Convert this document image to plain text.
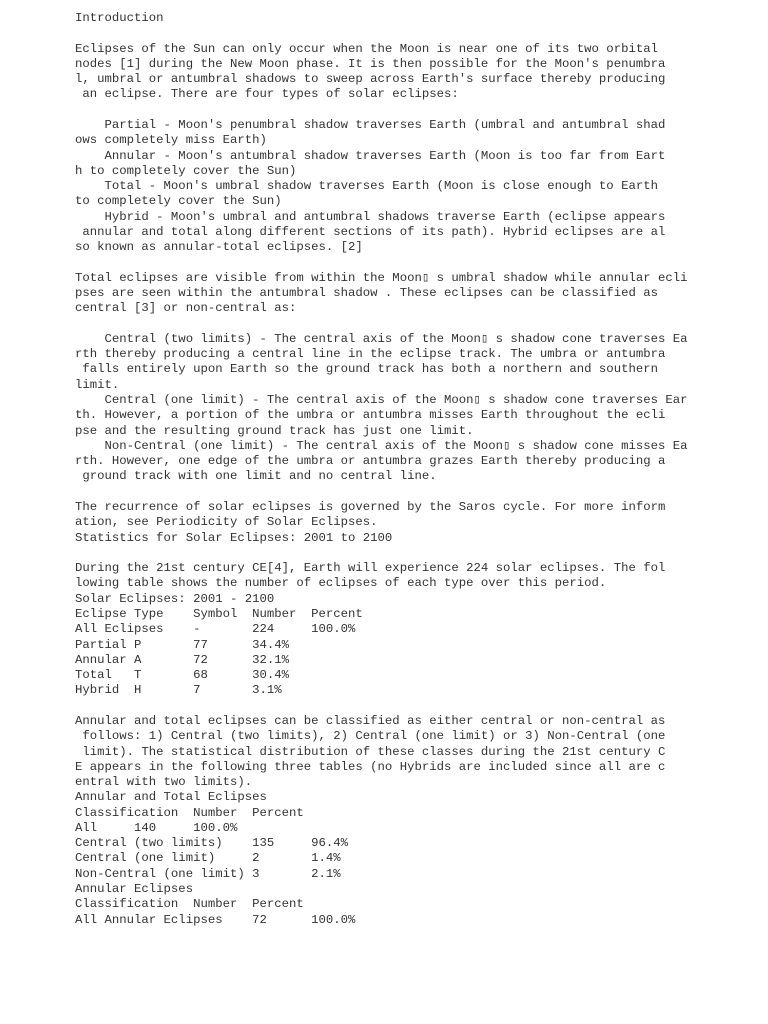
Introduction

Eclipses of the Sun can only occur when the Moon is near one of its two orbital
nodes [1] during the New Moon phase. It is then possible for the Moon's penumbra
l, umbral or antumbral shadows to sweep across Earth's surface thereby producing
an eclipse. There are four types of solar eclipses:

Partial - Moon's penumbral shadow traverses Earth (umbral and antumbral shad
ows completely miss Earth)
Annular - Moon's antumbral shadow traverses Earth (Moon is too far from Eart
h to completely cover the Sun)
Total - Moon's umbral shadow traverses Earth (Moon is close enough to Earth
to completely cover the Sun)
Hybrid - Moon's umbral and antumbral shadows traverse Earth (eclipse appears
annular and total along different sections of its path). Hybrid eclipses are al
so known as annular-total eclipses. [2]

Total eclipses are visible from within the Moon▯ s umbral shadow while annular ecli
pses are seen within the antumbral shadow . These eclipses can be classified as
central [3] or non-central as:

Central (two limits) - The central axis of the Moon▯ s shadow cone traverses Ea
rth thereby producing a central line in the eclipse track. The umbra or antumbra
falls entirely upon Earth so the ground track has both a northern and southern
limit.
Central (one limit) - The central axis of the Moon▯ s shadow cone traverses Ear
th. However, a portion of the umbra or antumbra misses Earth throughout the ecli
pse and the resulting ground track has just one limit.
Non-Central (one limit) - The central axis of the Moon▯ s shadow cone misses Ea
rth. However, one edge of the umbra or antumbra grazes Earth thereby producing a
ground track with one limit and no central line.

The recurrence of solar eclipses is governed by the Saros cycle. For more inform
ation, see Periodicity of Solar Eclipses.
Statistics for Solar Eclipses: 2001 to 2100

During the 21st century CE[4], Earth will experience 224 solar eclipses. The fol
lowing table shows the number of eclipses of each type over this period.
Solar Eclipses: 2001 - 2100
Eclipse Type    Symbol  Number  Percent
All Eclipses    -       224     100.0%
Partial P       77      34.4%
Annular A       72      32.1%
Total   T       68      30.4%
Hybrid  H       7       3.1%

Annular and total eclipses can be classified as either central or non-central as
follows: 1) Central (two limits), 2) Central (one limit) or 3) Non-Central (one
limit). The statistical distribution of these classes during the 21st century C
E appears in the following three tables (no Hybrids are included since all are c
entral with two limits).
Annular and Total Eclipses
Classification  Number  Percent
All     140     100.0%
Central (two limits)    135     96.4%
Central (one limit)     2       1.4%
Non-Central (one limit) 3       2.1%
Annular Eclipses
Classification  Number  Percent
All Annular Eclipses    72      100.0%
